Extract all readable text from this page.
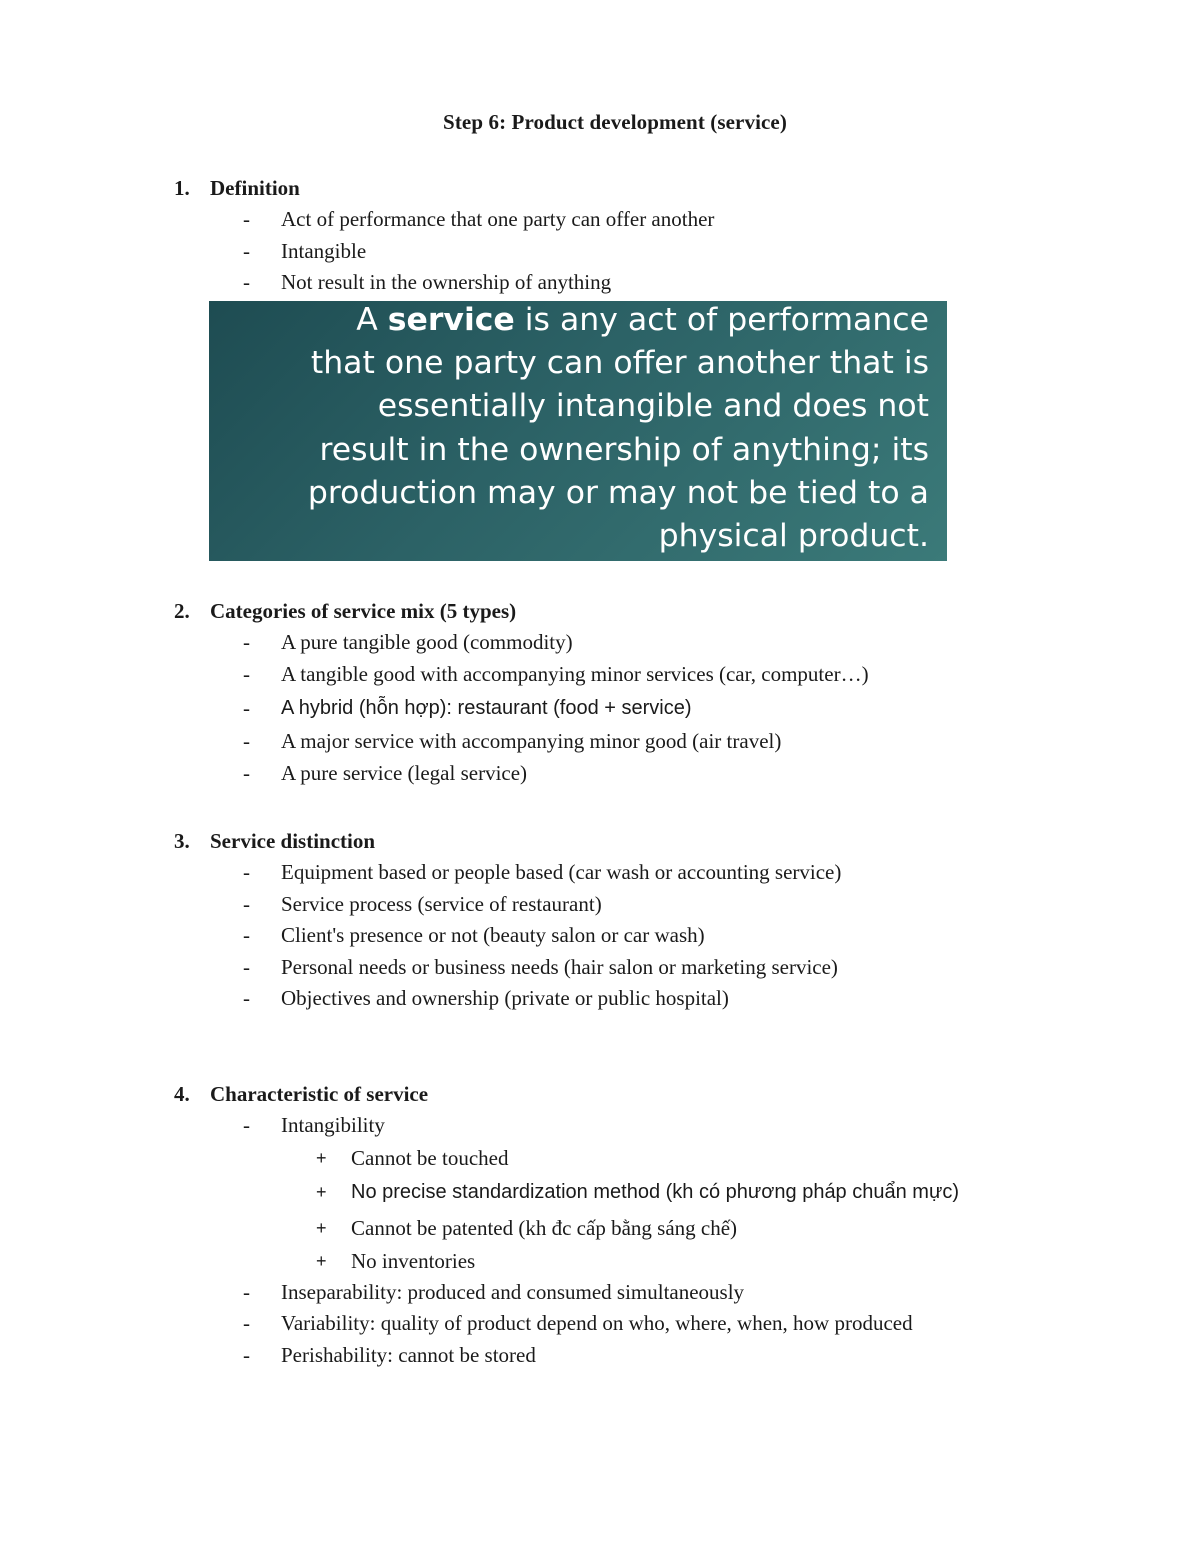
Step 6: Product development (service)
1. Definition
- Act of performance that one party can offer another
- Intangible
- Not result in the ownership of anything
A service is any act of performance
that one party can offer another that is
essentially intangible and does not
result in the ownership of anything; its
production may or may not be tied to a
physical product.
2. Categories of service mix (5 types)
- A pure tangible good (commodity)
- A tangible good with accompanying minor services (car, computer…)
- A hybrid (hỗn hợp): restaurant (food + service)
- A major service with accompanying minor good (air travel)
- A pure service (legal service)
3. Service distinction
- Equipment based or people based (car wash or accounting service)
- Service process (service of restaurant)
- Client's presence or not (beauty salon or car wash)
- Personal needs or business needs (hair salon or marketing service)
- Objectives and ownership (private or public hospital)
4. Characteristic of service
- Intangibility
+ Cannot be touched
+ No precise standardization method (kh có phương pháp chuẩn mực)
+ Cannot be patented (kh đc cấp bằng sáng chế)
+ No inventories
- Inseparability: produced and consumed simultaneously
- Variability: quality of product depend on who, where, when, how produced
- Perishability: cannot be stored
